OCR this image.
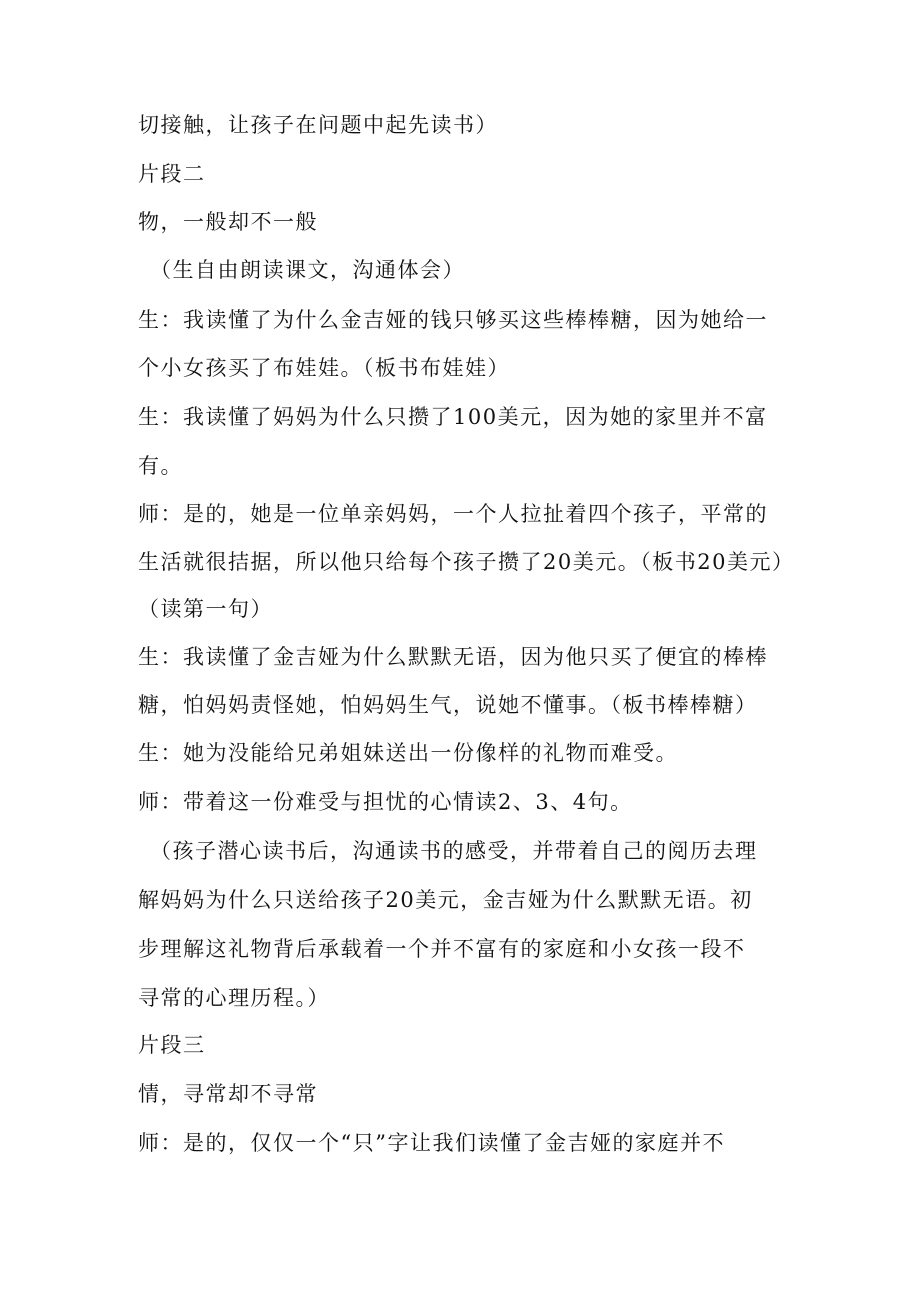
切接触，让孩子在问题中起先读书）
片段二
物，一般却不一般
（生自由朗读课文，沟通体会）
生：我读懂了为什么金吉娅的钱只够买这些棒棒糖，因为她给一
个小女孩买了布娃娃。（板书布娃娃）
生：我读懂了妈妈为什么只攒了100美元，因为她的家里并不富
有。
师：是的，她是一位单亲妈妈，一个人拉扯着四个孩子，平常的
生活就很拮据，所以他只给每个孩子攒了20美元。（板书20美元）
（读第一句）
生：我读懂了金吉娅为什么默默无语，因为他只买了便宜的棒棒
糖，怕妈妈责怪她，怕妈妈生气，说她不懂事。（板书棒棒糖）
生：她为没能给兄弟姐妹送出一份像样的礼物而难受。
师：带着这一份难受与担忧的心情读2、3、4句。
（孩子潜心读书后，沟通读书的感受，并带着自己的阅历去理
解妈妈为什么只送给孩子20美元，金吉娅为什么默默无语。初
步理解这礼物背后承载着一个并不富有的家庭和小女孩一段不
寻常的心理历程。）
片段三
情，寻常却不寻常
师：是的，仅仅一个“只”字让我们读懂了金吉娅的家庭并不
